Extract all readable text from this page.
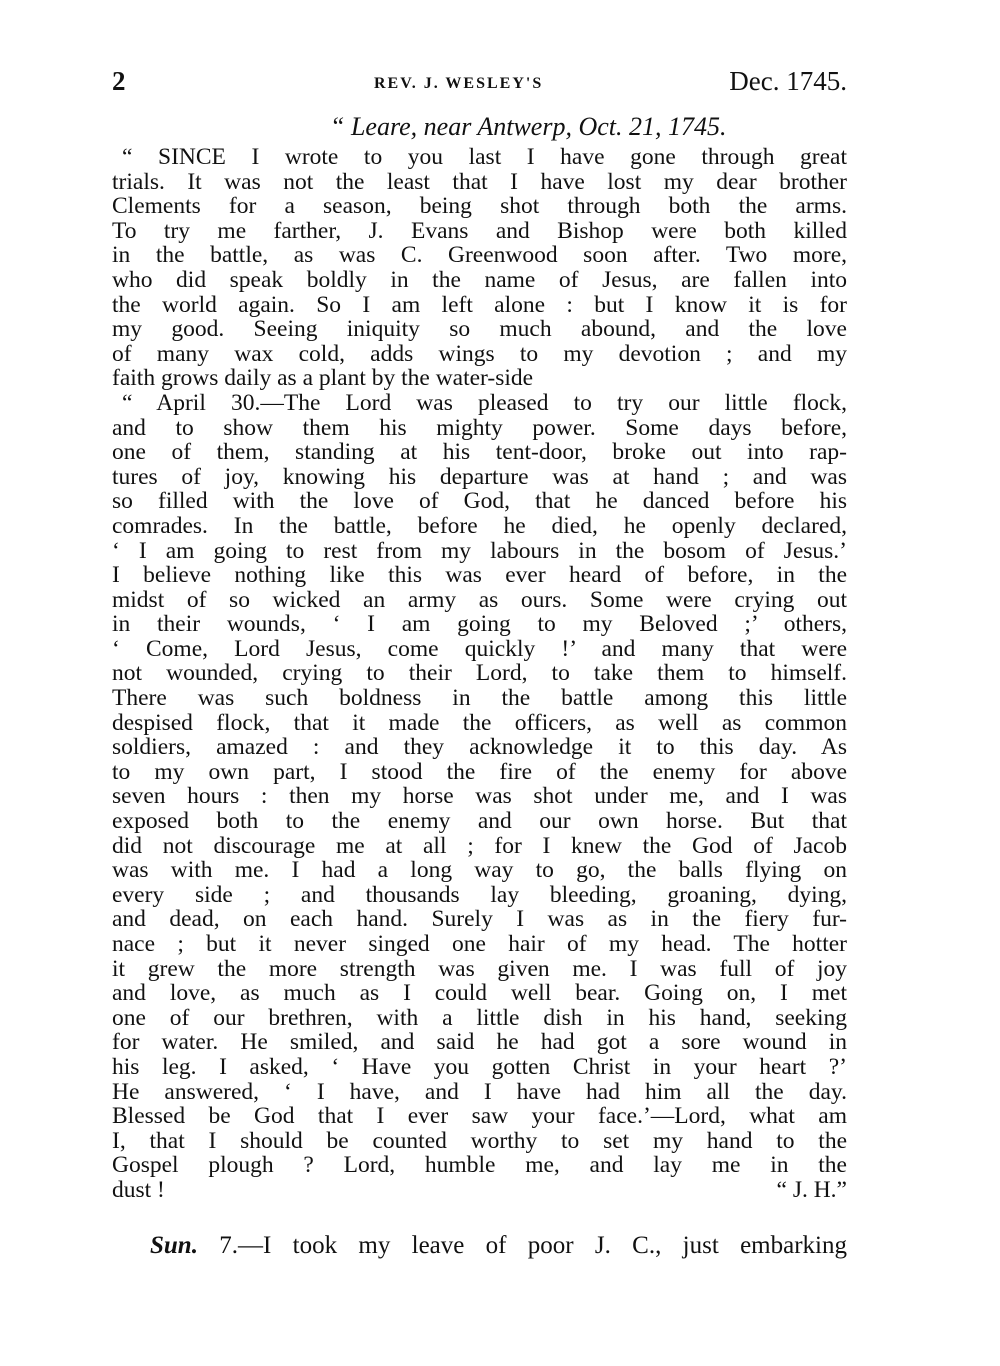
2	REV. J. WESLEY'S	Dec. 1745.
“ Leare, near Antwerp, Oct. 21, 1745.
“ SINCE I wrote to you last I have gone through great
trials. It was not the least that I have lost my dear brother
Clements for a season, being shot through both the arms.
To try me farther, J. Evans and Bishop were both killed
in the battle, as was C. Greenwood soon after. Two more,
who did speak boldly in the name of Jesus, are fallen into
the world again. So I am left alone : but I know it is for
my good. Seeing iniquity so much abound, and the love
of many wax cold, adds wings to my devotion ; and my
faith grows daily as a plant by the water-side
“ April 30.—The Lord was pleased to try our little flock,
and to show them his mighty power. Some days before,
one of them, standing at his tent-door, broke out into rap-
tures of joy, knowing his departure was at hand ; and was
so filled with the love of God, that he danced before his
comrades. In the battle, before he died, he openly declared,
‘ I am going to rest from my labours in the bosom of Jesus.’
I believe nothing like this was ever heard of before, in the
midst of so wicked an army as ours. Some were crying out
in their wounds, ‘ I am going to my Beloved ;’ others,
‘ Come, Lord Jesus, come quickly !’ and many that were
not wounded, crying to their Lord, to take them to himself.
There was such boldness in the battle among this little
despised flock, that it made the officers, as well as common
soldiers, amazed : and they acknowledge it to this day. As
to my own part, I stood the fire of the enemy for above
seven hours : then my horse was shot under me, and I was
exposed both to the enemy and our own horse. But that
did not discourage me at all ; for I knew the God of Jacob
was with me. I had a long way to go, the balls flying on
every side ; and thousands lay bleeding, groaning, dying,
and dead, on each hand. Surely I was as in the fiery fur-
nace ; but it never singed one hair of my head. The hotter
it grew the more strength was given me. I was full of joy
and love, as much as I could well bear. Going on, I met
one of our brethren, with a little dish in his hand, seeking
for water. He smiled, and said he had got a sore wound in
his leg. I asked, ‘ Have you gotten Christ in your heart ?’
He answered, ‘ I have, and I have had him all the day.
Blessed be God that I ever saw your face.’—Lord, what am
I, that I should be counted worthy to set my hand to the
Gospel plough ? Lord, humble me, and lay me in the
dust !	“ J. H.”
Sun. 7.—I took my leave of poor J. C., just embarking
